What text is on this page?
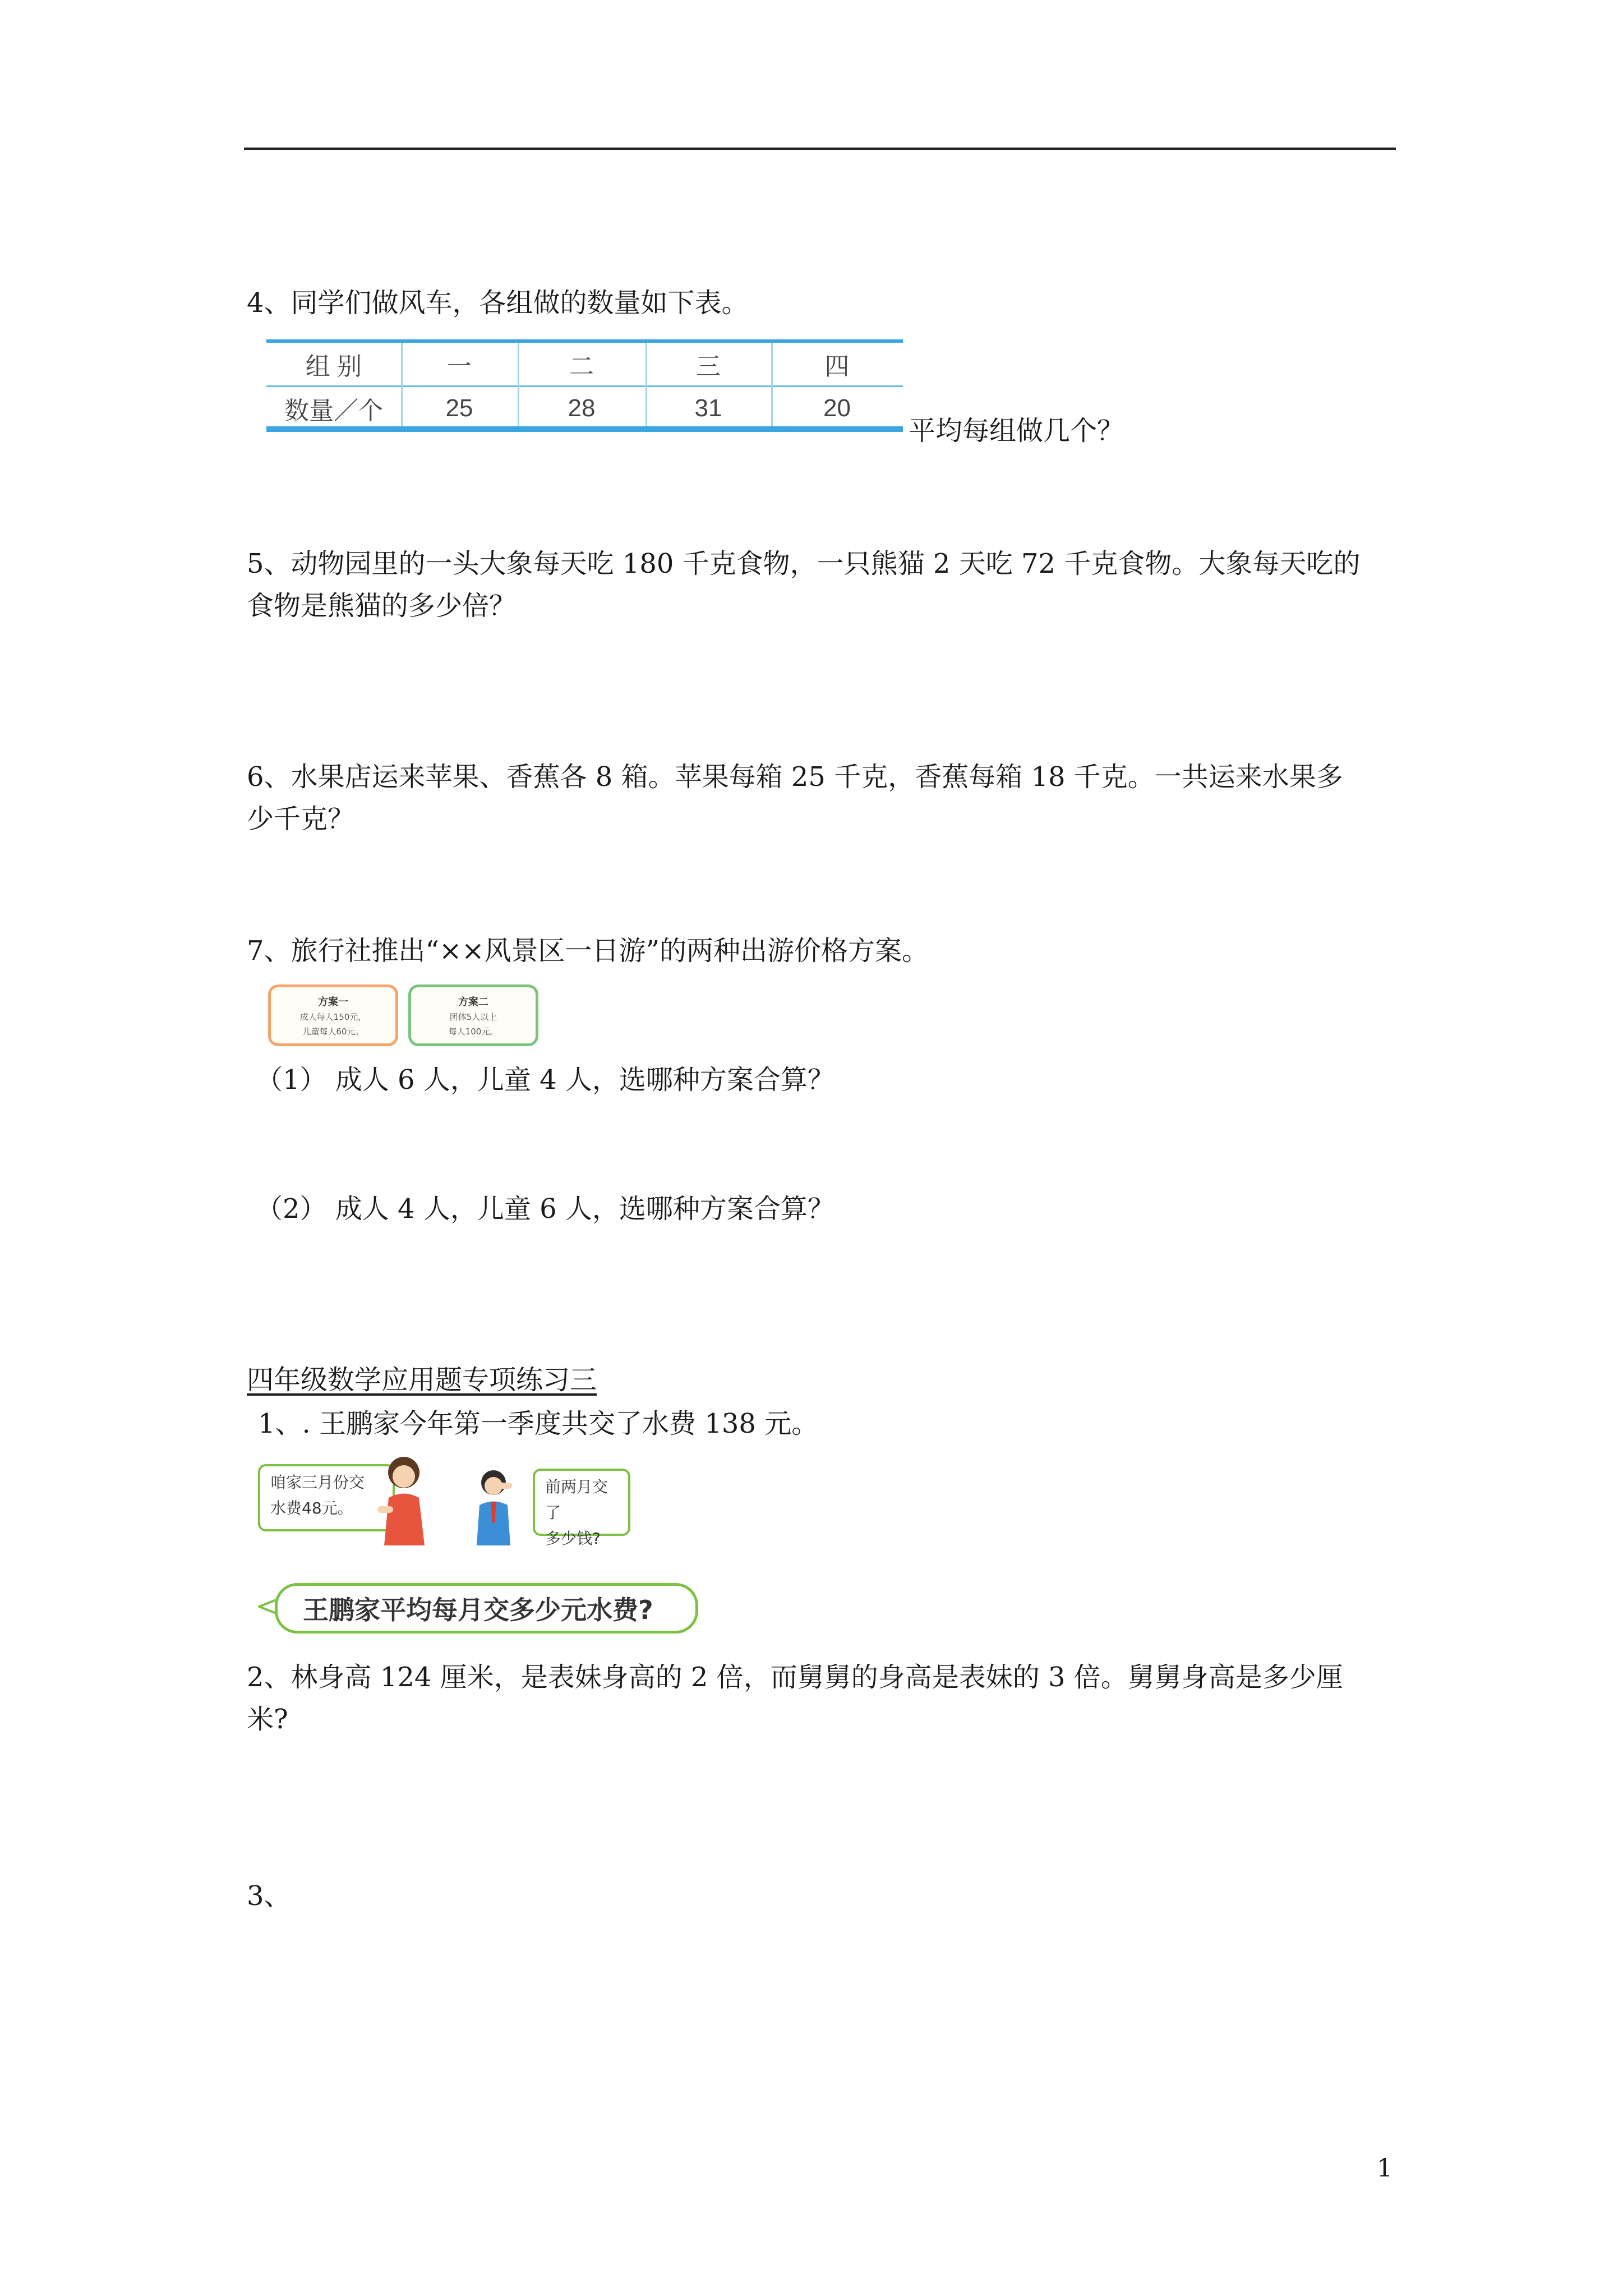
4、同学们做风车，各组做的数量如下表。
组 别	一	二	三	四
数量／个	25	28	31	20
平均每组做几个？
5、动物园里的一头大象每天吃 180 千克食物，一只熊猫 2 天吃 72 千克食物。大象每天吃的
食物是熊猫的多少倍？
6、水果店运来苹果、香蕉各 8 箱。苹果每箱 25 千克，香蕉每箱 18 千克。一共运来水果多
少千克？
7、旅行社推出“××风景区一日游”的两种出游价格方案。
方案一
成人每人150元，
儿童每人60元。
方案二
团体5人以上
每人100元。
（1） 成人 6 人，儿童 4 人，选哪种方案合算？
（2） 成人 4 人，儿童 6 人，选哪种方案合算？
四年级数学应用题专项练习三
1、. 王鹏家今年第一季度共交了水费 138 元。
咱家三月份交
水费48元。
前两月交了
多少钱?
王鹏家平均每月交多少元水费?
2、林身高 124 厘米，是表妹身高的 2 倍，而舅舅的身高是表妹的 3 倍。舅舅身高是多少厘
米?
3、
1
